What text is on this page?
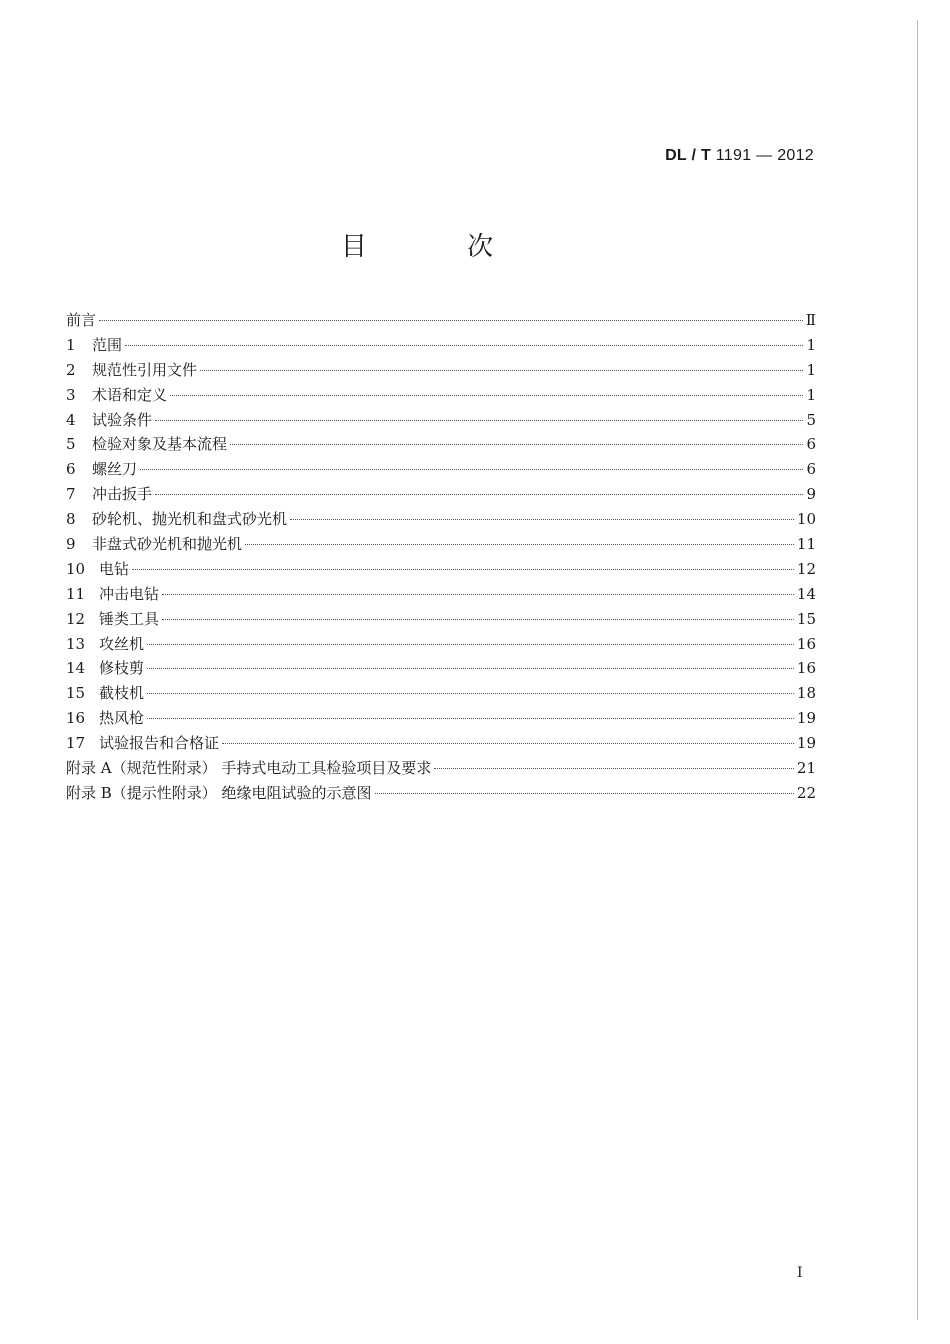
DL / T 1191 — 2012
目 次
前言	Ⅱ
1	范围	1
2	规范性引用文件	1
3	术语和定义	1
4	试验条件	5
5	检验对象及基本流程	6
6	螺丝刀	6
7	冲击扳手	9
8	砂轮机、抛光机和盘式砂光机	10
9	非盘式砂光机和抛光机	11
10 电钻	12
11 冲击电钻	14
12 锤类工具	15
13 攻丝机	16
14 修枝剪	16
15 截枝机	18
16 热风枪	19
17 试验报告和合格证	19
附录 A（规范性附录） 手持式电动工具检验项目及要求	21
附录 B（提示性附录） 绝缘电阻试验的示意图	22
I
